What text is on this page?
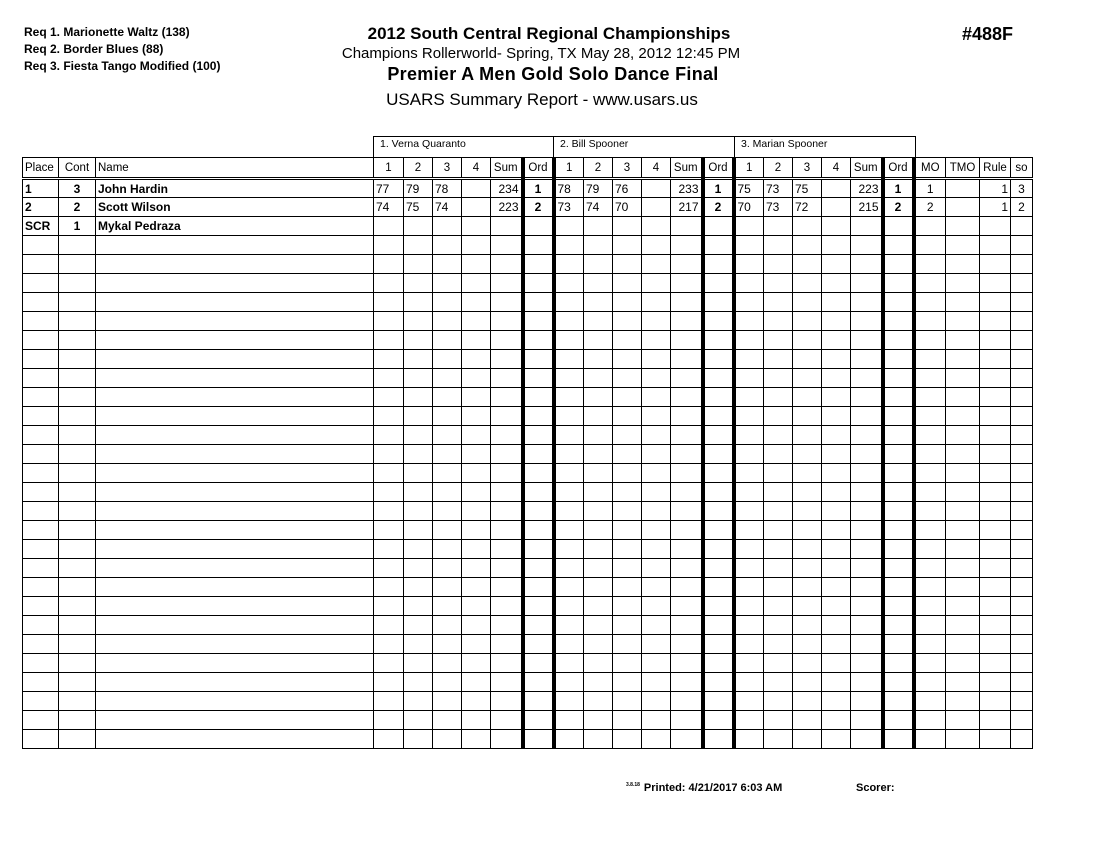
Req 1. Marionette Waltz (138)
Req 2. Border Blues (88)
Req 3. Fiesta Tango Modified (100)
2012 South Central Regional Championships
Champions Rollerworld- Spring, TX May 28, 2012 12:45 PM
Premier A Men Gold Solo Dance Final
USARS Summary Report - www.usars.us
#488F
1. Verna Quaranto	2. Bill Spooner	3. Marian Spooner
Place	Cont	Name	1	2	3	4	Sum	Ord	1	2	3	4	Sum	Ord	1	2	3	4	Sum	Ord	MO	TMO	Rule	so
1	3	John Hardin	77	79	78		234	1	78	79	76		233	1	75	73	75		223	1	1		1	3
2	2	Scott Wilson	74	75	74		223	2	73	74	70		217	2	70	73	72		215	2	2		1	2
SCR	1	Mykal Pedraza																						

$^{3.8.18}$ Printed: 4/21/2017 6:03 AM	Scorer:
